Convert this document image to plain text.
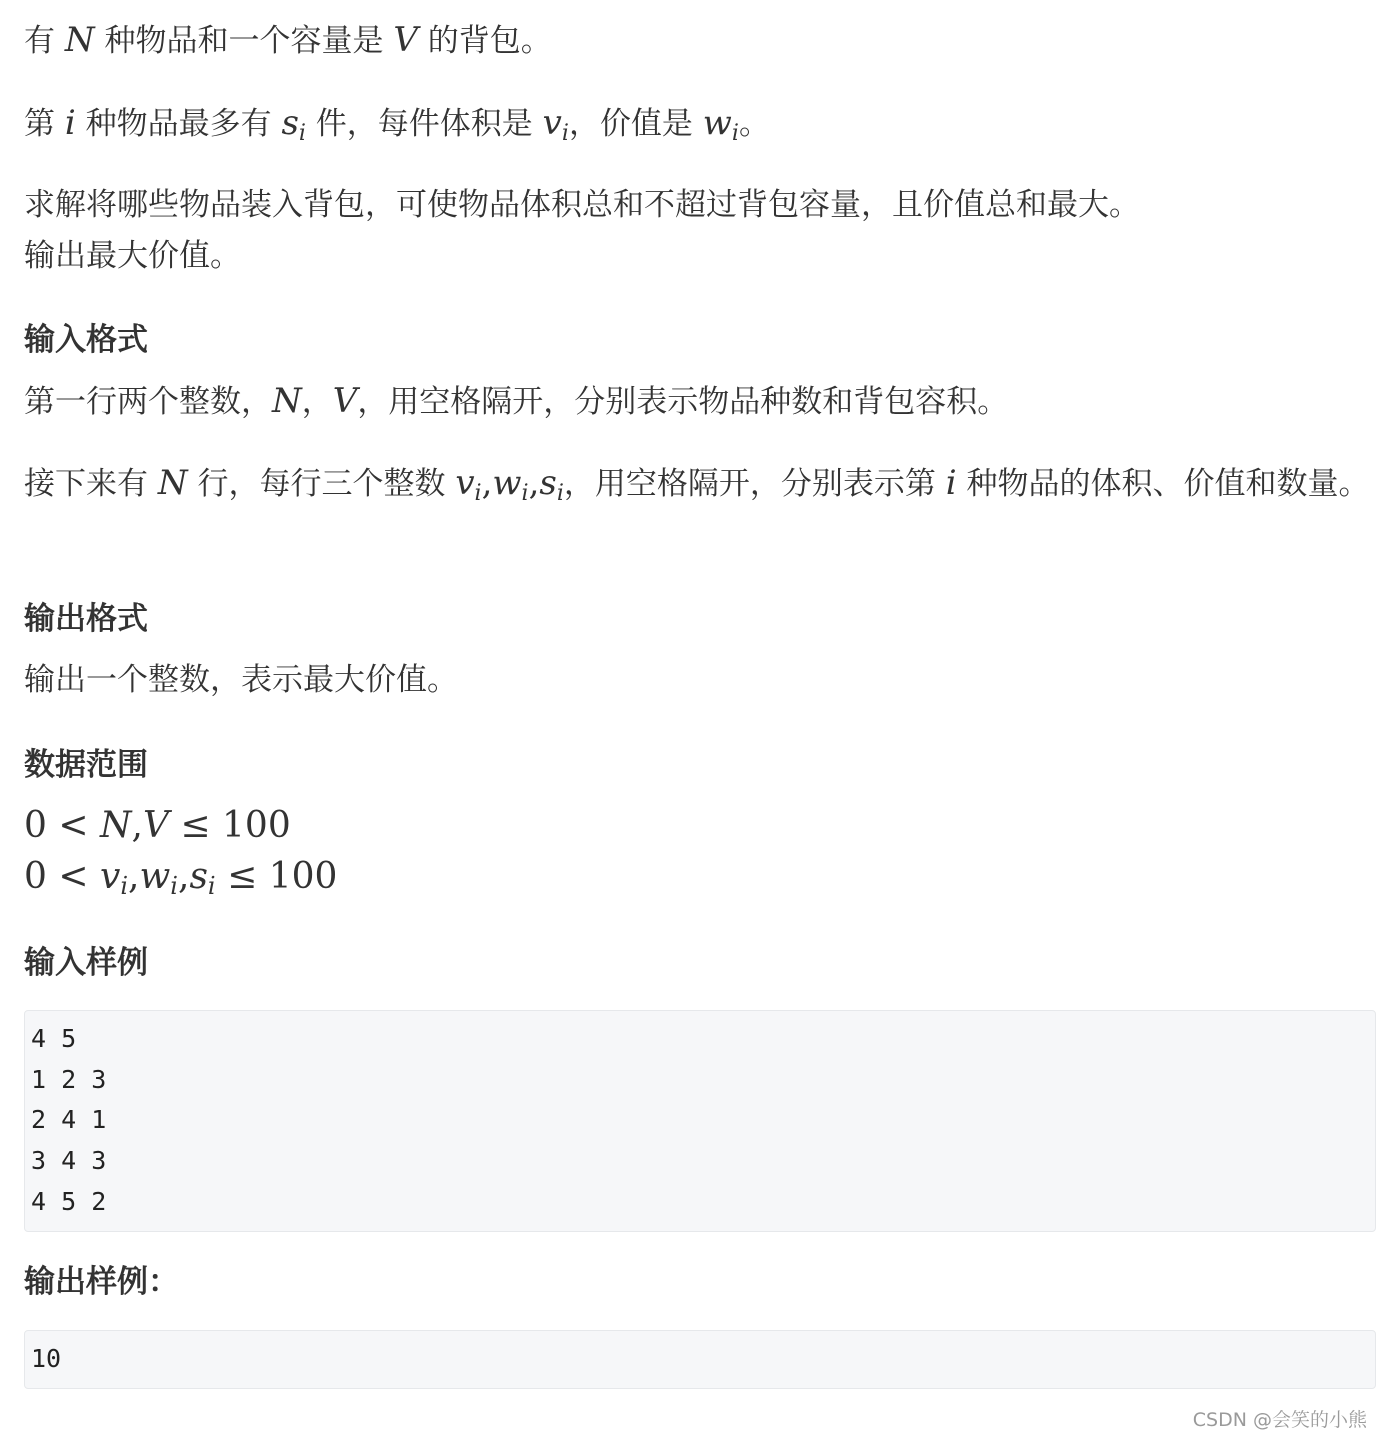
有 N 种物品和一个容量是 V 的背包。

第 i 种物品最多有 $s_i$ 件，每件体积是 $v_i$，价值是 $w_i$。

求解将哪些物品装入背包，可使物品体积总和不超过背包容量，且价值总和最大。
输出最大价值。

输入格式

第一行两个整数，N，V，用空格隔开，分别表示物品种数和背包容积。

接下来有 N 行，每行三个整数 $v_i,w_i,s_i$，用空格隔开，分别表示第 i 种物品的体积、价值和数量。

输出格式

输出一个整数，表示最大价值。

数据范围

0 < N,V ≤ 100

$0 < v_i,w_i,s_i \le 100$

输入样例
4 5
1 2 3
2 4 1
3 4 3
4 5 2
输出样例：
10
CSDN @会笑的小熊
